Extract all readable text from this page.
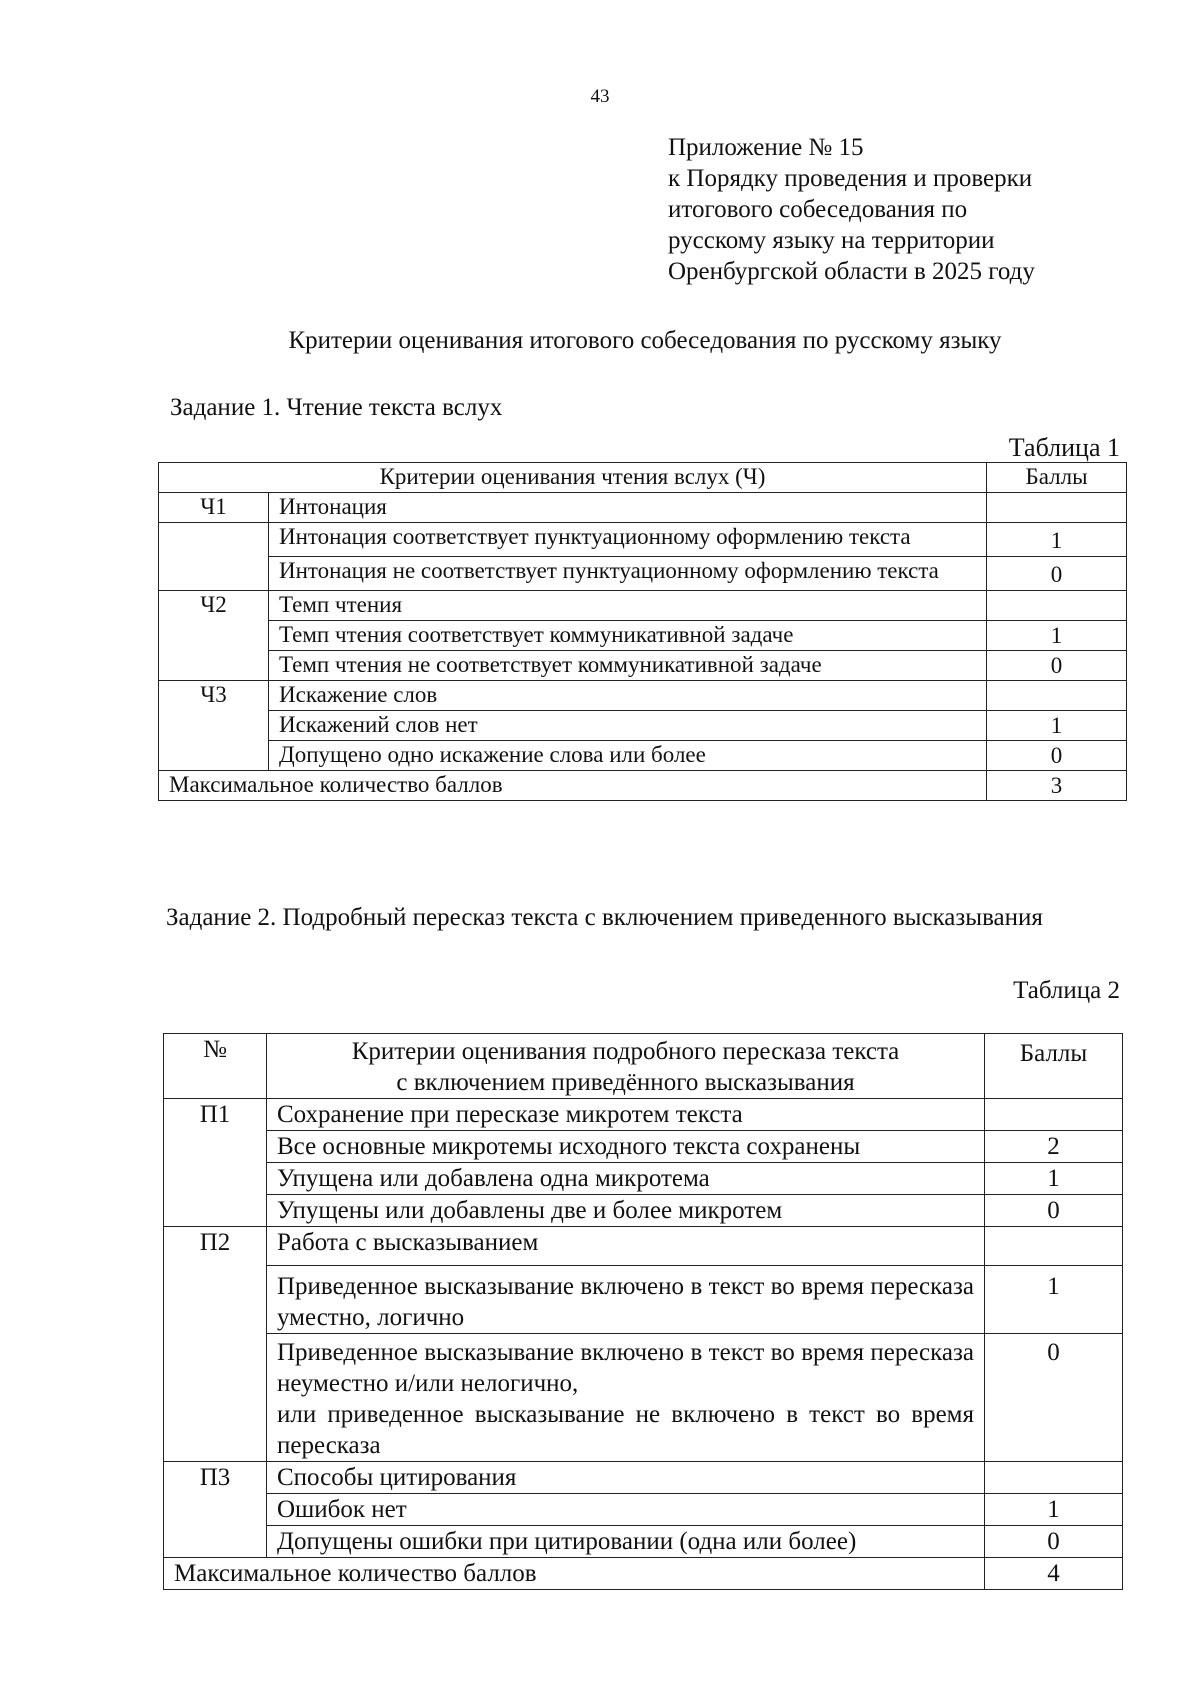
43
Приложение № 15
к Порядку проведения и проверки
итогового собеседования по
русскому языку на территории
Оренбургской области в 2025 году
Критерии оценивания итогового собеседования по русскому языку
Задание 1. Чтение текста вслух
Таблица 1
Критерии оценивания чтения вслух (Ч)		Баллы
Ч1	Интонация	
	Интонация соответствует пунктуационному оформлению текста	1
	Интонация не соответствует пунктуационному оформлению текста	0
Ч2	Темп чтения	
	Темп чтения соответствует коммуникативной задаче	1
	Темп чтения не соответствует коммуникативной задаче	0
Ч3	Искажение слов	
	Искажений слов нет	1
	Допущено одно искажение слова или более	0
Максимальное количество баллов		3
Задание 2. Подробный пересказ текста с включением приведенного высказывания
Таблица 2
№	Критерии оценивания подробного пересказа текста
с включением приведённого высказывания	Баллы
П1	Сохранение при пересказе микротем текста	
	Все основные микротемы исходного текста сохранены	2
	Упущена или добавлена одна микротема	1
	Упущены или добавлены две и более микротем	0
П2	Работа с высказыванием	
	Приведенное высказывание включено в текст во время пересказа уместно, логично	1

	Приведенное высказывание включено в текст во время пересказа неуместно и/или нелогично,
или приведенное высказывание не включено в текст во время пересказа	0
П3	Способы цитирования	
	Ошибок нет	1
	Допущены ошибки при цитировании (одна или более)	0
Максимальное количество баллов		4
